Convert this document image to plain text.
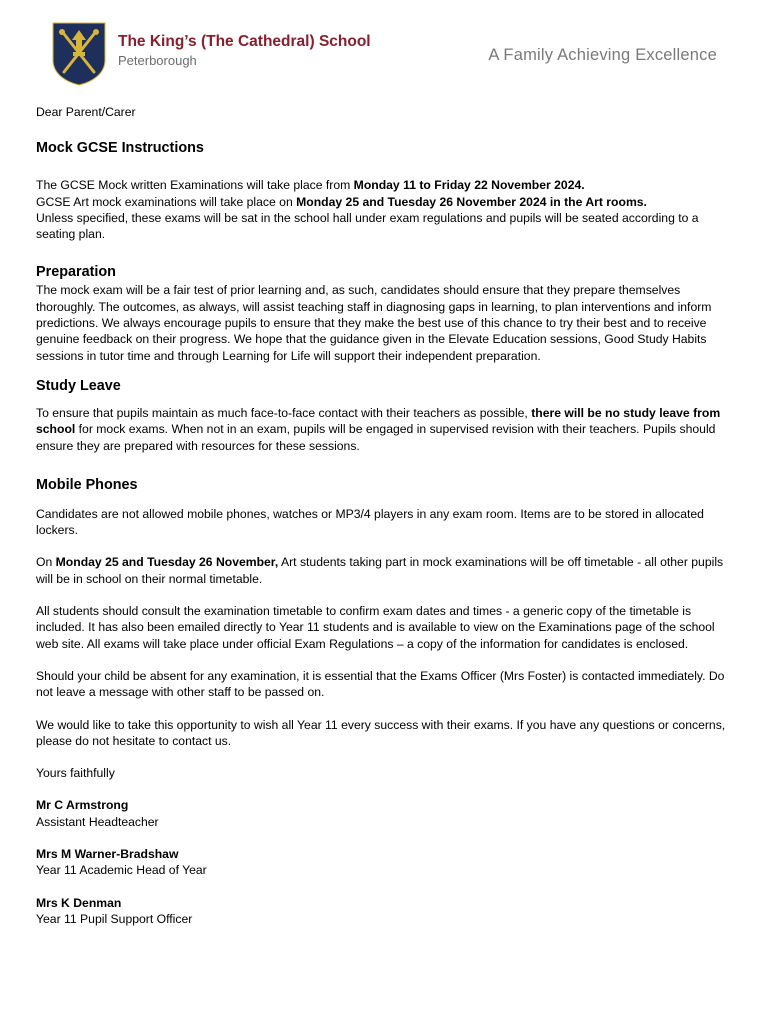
The King’s (The Cathedral) School
Peterborough	A Family Achieving Excellence

Dear Parent/Carer

Mock GCSE Instructions

The GCSE Mock written Examinations will take place from Monday 11 to Friday 22 November 2024.
GCSE Art mock examinations will take place on Monday 25 and Tuesday 26 November 2024 in the Art rooms.
Unless specified, these exams will be sat in the school hall under exam regulations and pupils will be seated according to a seating plan.

Preparation

The mock exam will be a fair test of prior learning and, as such, candidates should ensure that they prepare themselves thoroughly. The outcomes, as always, will assist teaching staff in diagnosing gaps in learning, to plan interventions and inform predictions. We always encourage pupils to ensure that they make the best use of this chance to try their best and to receive genuine feedback on their progress. We hope that the guidance given in the Elevate Education sessions, Good Study Habits sessions in tutor time and through Learning for Life will support their independent preparation.

Study Leave

To ensure that pupils maintain as much face-to-face contact with their teachers as possible, there will be no study leave from school for mock exams. When not in an exam, pupils will be engaged in supervised revision with their teachers. Pupils should ensure they are prepared with resources for these sessions.

Mobile Phones

Candidates are not allowed mobile phones, watches or MP3/4 players in any exam room. Items are to be stored in allocated lockers.

On Monday 25 and Tuesday 26 November, Art students taking part in mock examinations will be off timetable - all other pupils will be in school on their normal timetable.

All students should consult the examination timetable to confirm exam dates and times - a generic copy of the timetable is included. It has also been emailed directly to Year 11 students and is available to view on the Examinations page of the school web site. All exams will take place under official Exam Regulations – a copy of the information for candidates is enclosed.

Should your child be absent for any examination, it is essential that the Exams Officer (Mrs Foster) is contacted immediately. Do not leave a message with other staff to be passed on.

We would like to take this opportunity to wish all Year 11 every success with their exams. If you have any questions or concerns, please do not hesitate to contact us.

Yours faithfully

Mr C Armstrong
Assistant Headteacher

Mrs M Warner-Bradshaw
Year 11 Academic Head of Year

Mrs K Denman
Year 11 Pupil Support Officer
